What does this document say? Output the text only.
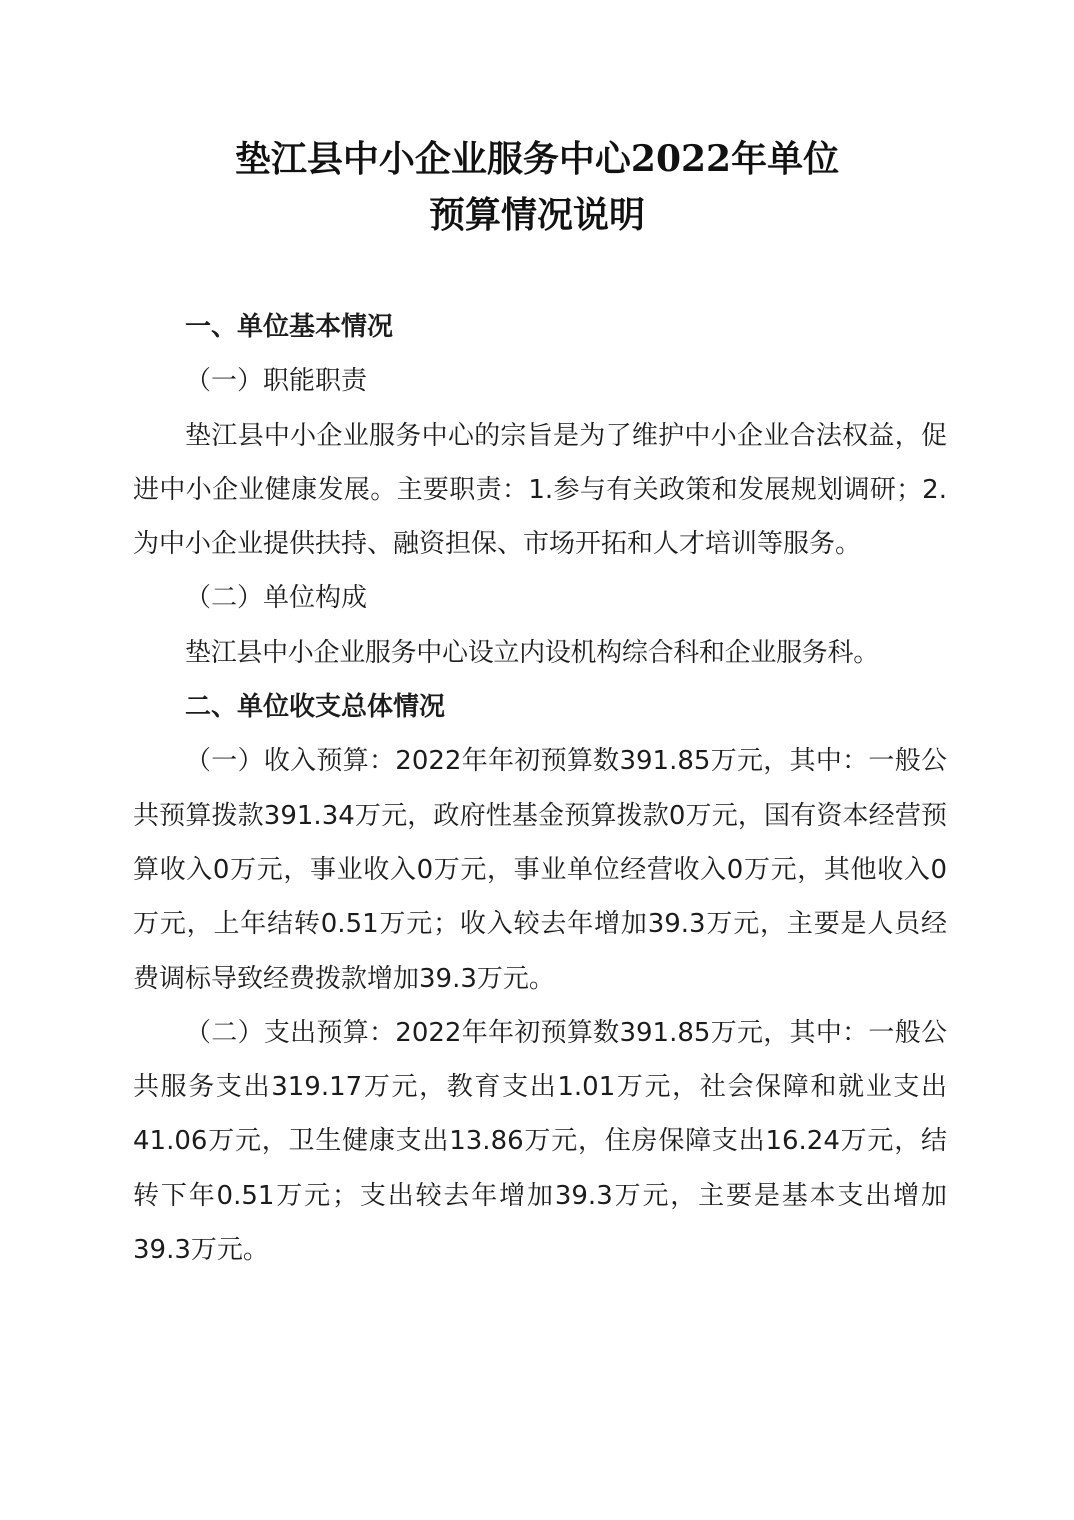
垫江县中小企业服务中心2022年单位
预算情况说明

一、单位基本情况

（一）职能职责

垫江县中小企业服务中心的宗旨是为了维护中小企业合法权益，促进中小企业健康发展。主要职责：1.参与有关政策和发展规划调研；2.为中小企业提供扶持、融资担保、市场开拓和人才培训等服务。

（二）单位构成

垫江县中小企业服务中心设立内设机构综合科和企业服务科。

二、单位收支总体情况

（一）收入预算：2022年年初预算数391.85万元，其中：一般公共预算拨款391.34万元，政府性基金预算拨款0万元，国有资本经营预算收入0万元，事业收入0万元，事业单位经营收入0万元，其他收入0万元，上年结转0.51万元；收入较去年增加39.3万元，主要是人员经费调标导致经费拨款增加39.3万元。

（二）支出预算：2022年年初预算数391.85万元，其中：一般公共服务支出319.17万元，教育支出1.01万元，社会保障和就业支出41.06万元，卫生健康支出13.86万元，住房保障支出16.24万元，结转下年0.51万元；支出较去年增加39.3万元，主要是基本支出增加39.3万元。
